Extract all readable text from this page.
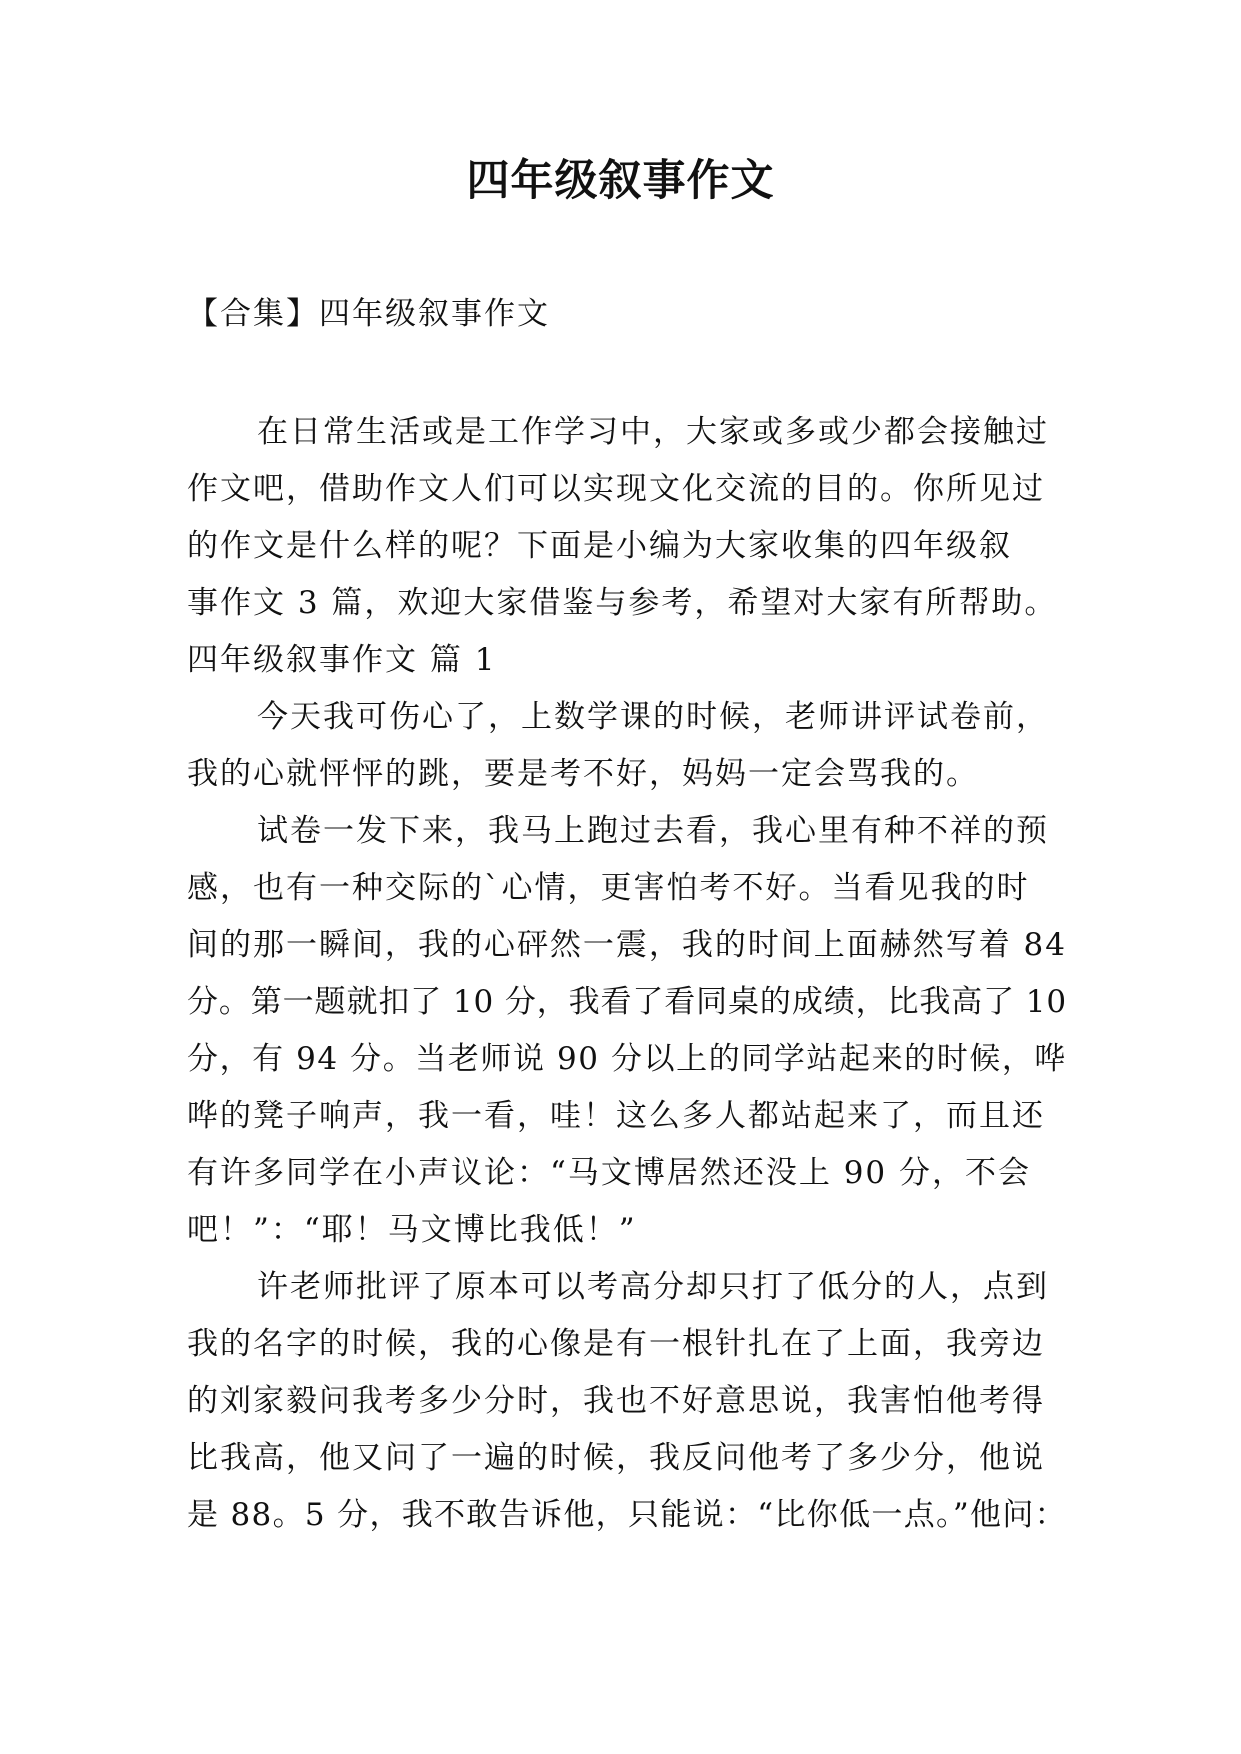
四年级叙事作文
【合集】四年级叙事作文
在日常生活或是工作学习中，大家或多或少都会接触过
作文吧，借助作文人们可以实现文化交流的目的。你所见过
的作文是什么样的呢？下面是小编为大家收集的四年级叙
事作文 3 篇，欢迎大家借鉴与参考，希望对大家有所帮助。
四年级叙事作文 篇 1
今天我可伤心了，上数学课的时候，老师讲评试卷前，
我的心就怦怦的跳，要是考不好，妈妈一定会骂我的。
试卷一发下来，我马上跑过去看，我心里有种不祥的预
感，也有一种交际的`心情，更害怕考不好。当看见我的时
间的那一瞬间，我的心砰然一震，我的时间上面赫然写着 84
分。第一题就扣了 10 分，我看了看同桌的成绩，比我高了 10
分，有 94 分。当老师说 90 分以上的同学站起来的时候，哗
哗的凳子响声，我一看，哇！这么多人都站起来了，而且还
有许多同学在小声议论：“马文博居然还没上 90 分，不会
吧！”：“耶！马文博比我低！”
许老师批评了原本可以考高分却只打了低分的人，点到
我的名字的时候，我的心像是有一根针扎在了上面，我旁边
的刘家毅问我考多少分时，我也不好意思说，我害怕他考得
比我高，他又问了一遍的时候，我反问他考了多少分，他说
是 88。5 分，我不敢告诉他，只能说：“比你低一点。”他问：
